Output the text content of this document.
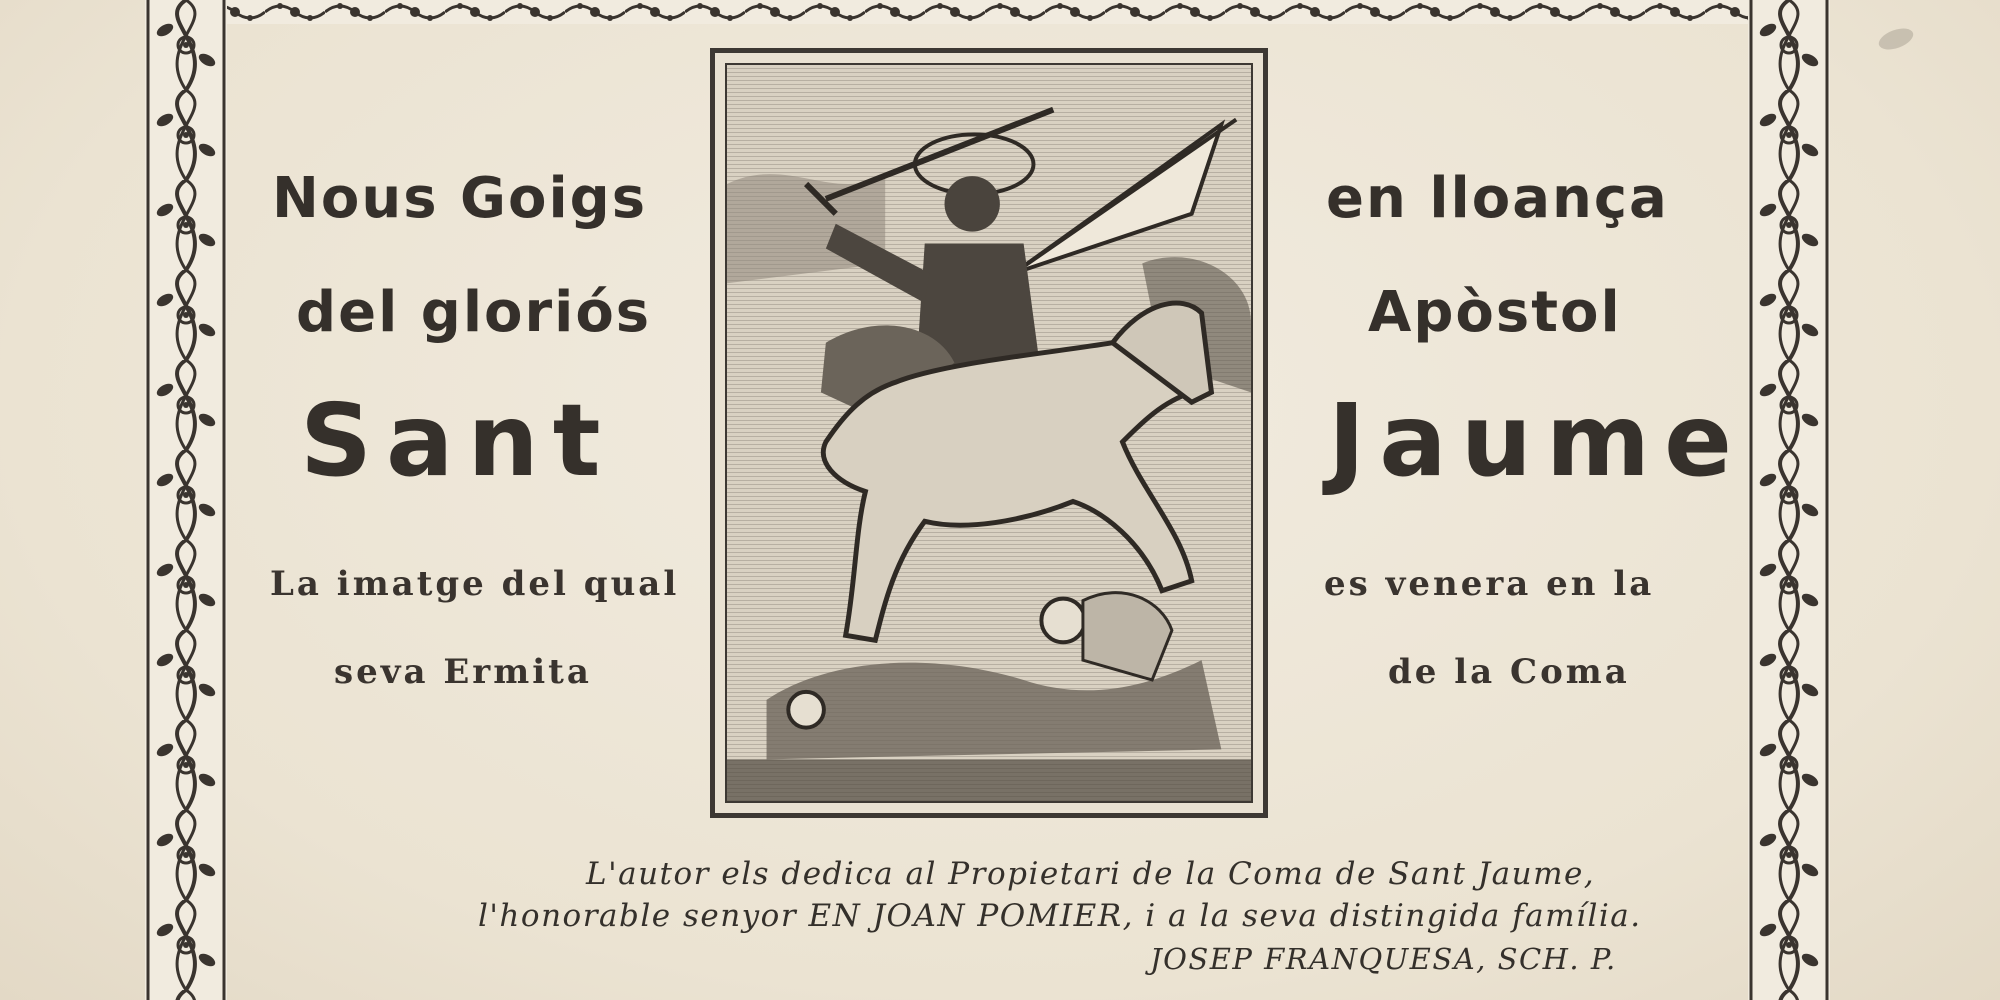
Nous Goigs
del gloriós
Sant
La imatge del qual
seva Ermita
en lloança
Apòstol
Jaume
es venera en la
de la Coma
L'autor els dedica al Propietari de la Coma de Sant Jaume,
l'honorable senyor EN JOAN POMIER, i a la seva distingida família.
JOSEP FRANQUESA, SCH. P.
